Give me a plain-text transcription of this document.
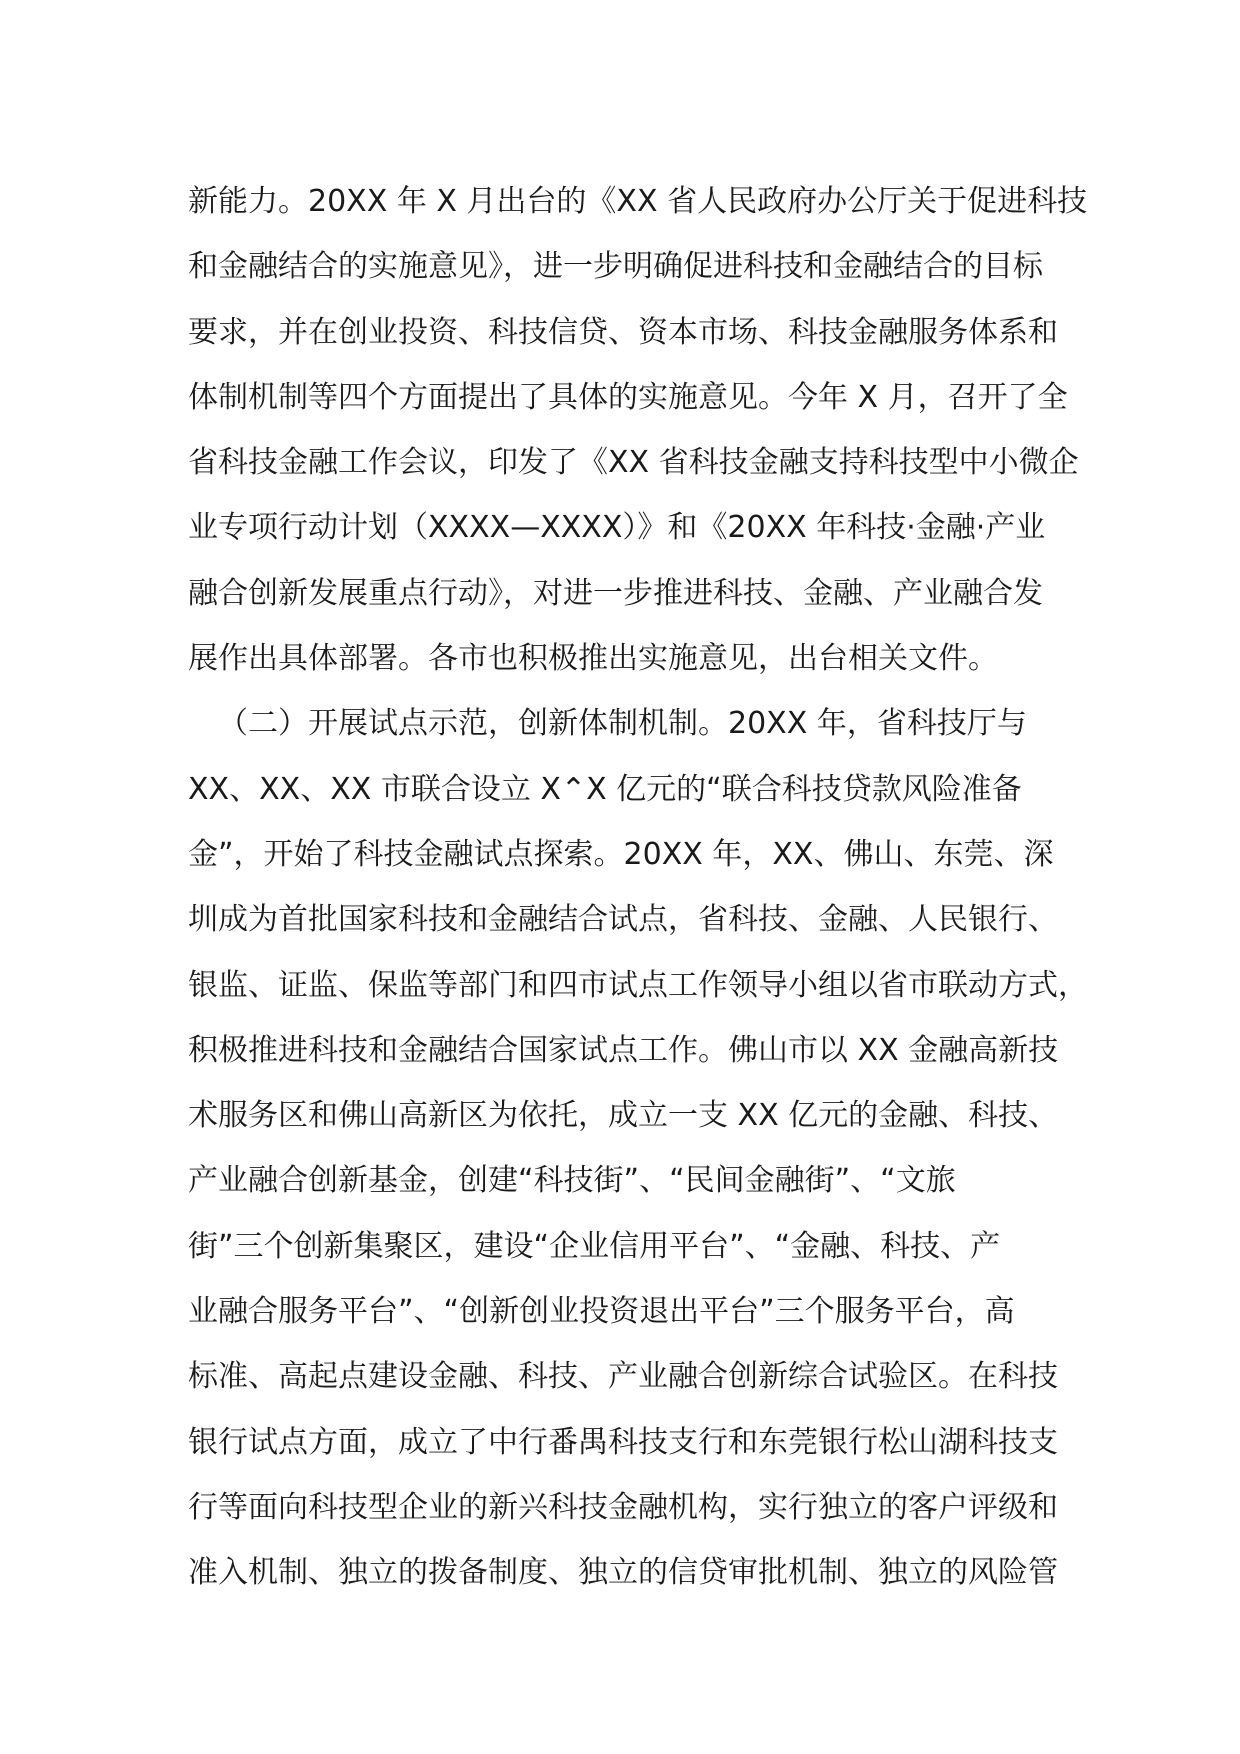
新能力。20XX 年 X 月出台的《XX 省人民政府办公厅关于促进科技
和金融结合的实施意见》，进一步明确促进科技和金融结合的目标
要求，并在创业投资、科技信贷、资本市场、科技金融服务体系和
体制机制等四个方面提出了具体的实施意见。今年 X 月，召开了全
省科技金融工作会议，印发了《XX 省科技金融支持科技型中小微企
业专项行动计划（XXXX—XXXX）》和《20XX 年科技·金融·产业
融合创新发展重点行动》，对进一步推进科技、金融、产业融合发
展作出具体部署。各市也积极推出实施意见，出台相关文件。
（二）开展试点示范，创新体制机制。20XX 年，省科技厅与
XX、XX、XX 市联合设立 X⌃X 亿元的“联合科技贷款风险准备
金”，开始了科技金融试点探索。20XX 年，XX、佛山、东莞、深
圳成为首批国家科技和金融结合试点，省科技、金融、人民银行、
银监、证监、保监等部门和四市试点工作领导小组以省市联动方式，
积极推进科技和金融结合国家试点工作。佛山市以 XX 金融高新技
术服务区和佛山高新区为依托，成立一支 XX 亿元的金融、科技、
产业融合创新基金，创建“科技街”、“民间金融街”、“文旅
街”三个创新集聚区，建设“企业信用平台”、“金融、科技、产
业融合服务平台”、“创新创业投资退出平台”三个服务平台，高
标准、高起点建设金融、科技、产业融合创新综合试验区。在科技
银行试点方面，成立了中行番禺科技支行和东莞银行松山湖科技支
行等面向科技型企业的新兴科技金融机构，实行独立的客户评级和
准入机制、独立的拨备制度、独立的信贷审批机制、独立的风险管
